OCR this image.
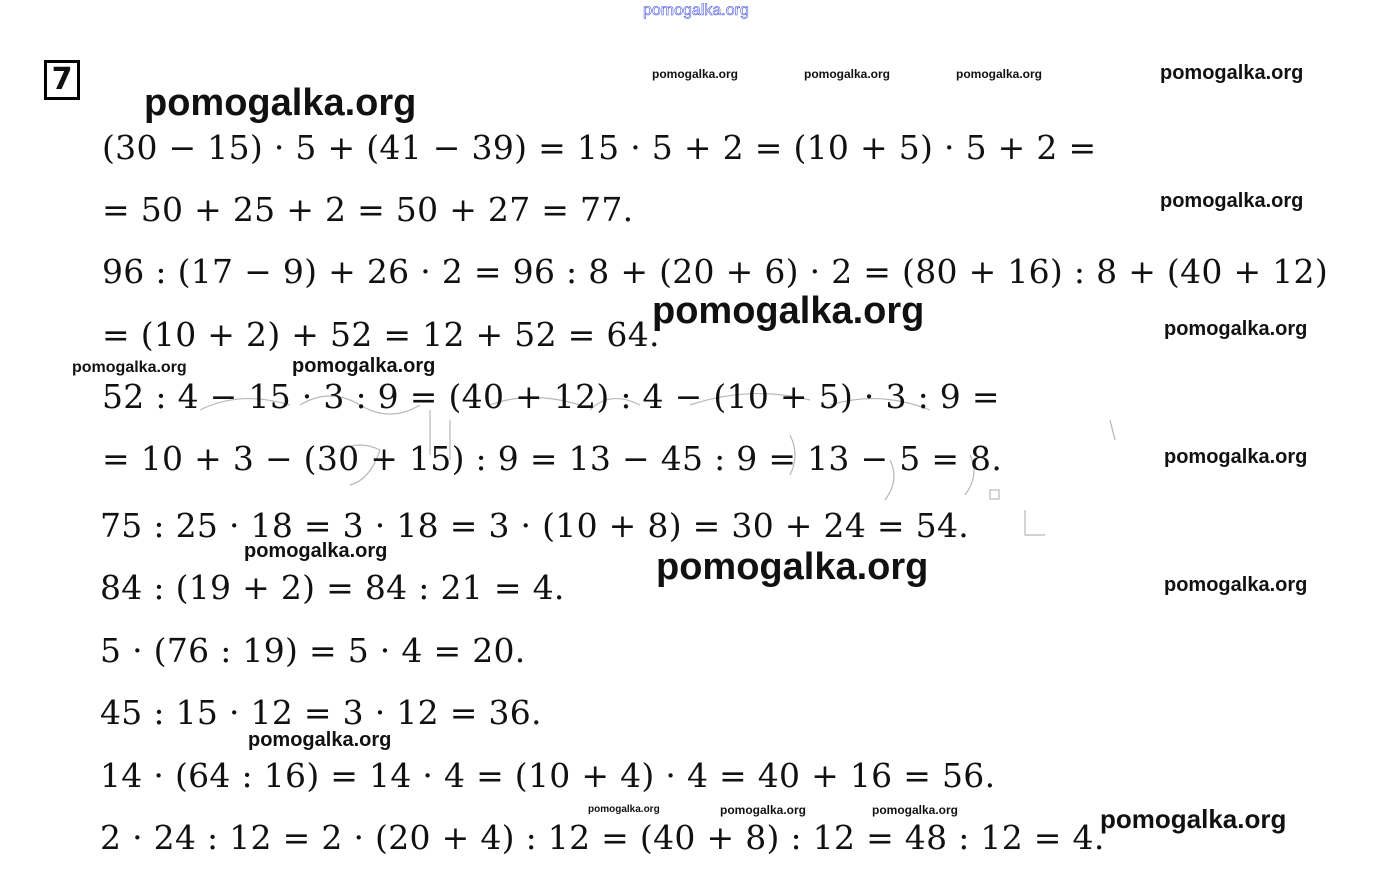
7
pomogalka.org
pomogalka.org	pomogalka.org	pomogalka.org	pomogalka.org
pomogalka.org
pomogalka.org
pomogalka.org	pomogalka.org
pomogalka.org	pomogalka.org
pomogalka.org
pomogalka.org	pomogalka.org	pomogalka.org
pomogalka.org
pomogalka.org	pomogalka.org	pomogalka.org	pomogalka.org
(30 − 15) · 5 + (41 − 39) = 15 · 5 + 2 = (10 + 5) · 5 + 2 =
= 50 + 25 + 2 = 50 + 27 = 77.
96 : (17 − 9) + 26 · 2 = 96 : 8 + (20 + 6) · 2 = (80 + 16) : 8 + (40 + 12)
= (10 + 2) + 52 = 12 + 52 = 64.
52 : 4 − 15 · 3 : 9 = (40 + 12) : 4 − (10 + 5) · 3 : 9 =
= 10 + 3 − (30 + 15) : 9 = 13 − 45 : 9 = 13 − 5 = 8.
75 : 25 · 18 = 3 · 18 = 3 · (10 + 8) = 30 + 24 = 54.
84 : (19 + 2) = 84 : 21 = 4.
5 · (76 : 19) = 5 · 4 = 20.
45 : 15 · 12 = 3 · 12 = 36.
14 · (64 : 16) = 14 · 4 = (10 + 4) · 4 = 40 + 16 = 56.
2 · 24 : 12 = 2 · (20 + 4) : 12 = (40 + 8) : 12 = 48 : 12 = 4.
